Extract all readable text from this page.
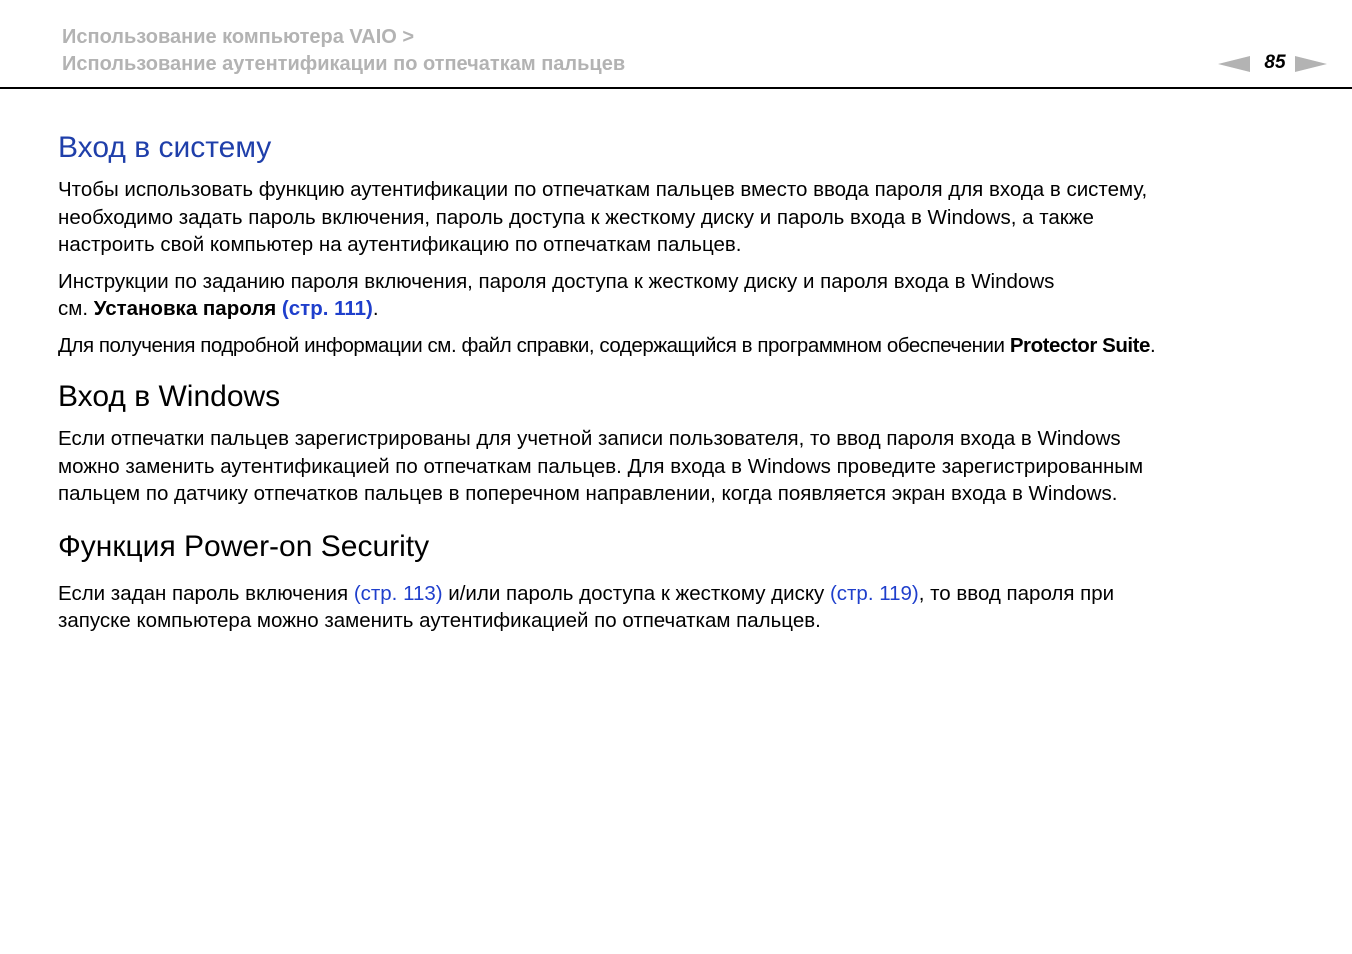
Использование компьютера VAIO >
Использование аутентификации по отпечаткам пальцев	85
Вход в систему

Чтобы использовать функцию аутентификации по отпечаткам пальцев вместо ввода пароля для входа в систему,

необходимо задать пароль включения, пароль доступа к жесткому диску и пароль входа в Windows, а также

настроить свой компьютер на аутентификацию по отпечаткам пальцев.

Инструкции по заданию пароля включения, пароля доступа к жесткому диску и пароля входа в Windows

см. Установка пароля (стр. 111).

Для получения подробной информации см. файл справки, содержащийся в программном обеспечении Protector Suite.

Вход в Windows

Если отпечатки пальцев зарегистрированы для учетной записи пользователя, то ввод пароля входа в Windows

можно заменить аутентификацией по отпечаткам пальцев. Для входа в Windows проведите зарегистрированным

пальцем по датчику отпечатков пальцев в поперечном направлении, когда появляется экран входа в Windows.

Функция Power-on Security

Если задан пароль включения (стр. 113) и/или пароль доступа к жесткому диску (стр. 119), то ввод пароля при

запуске компьютера можно заменить аутентификацией по отпечаткам пальцев.
